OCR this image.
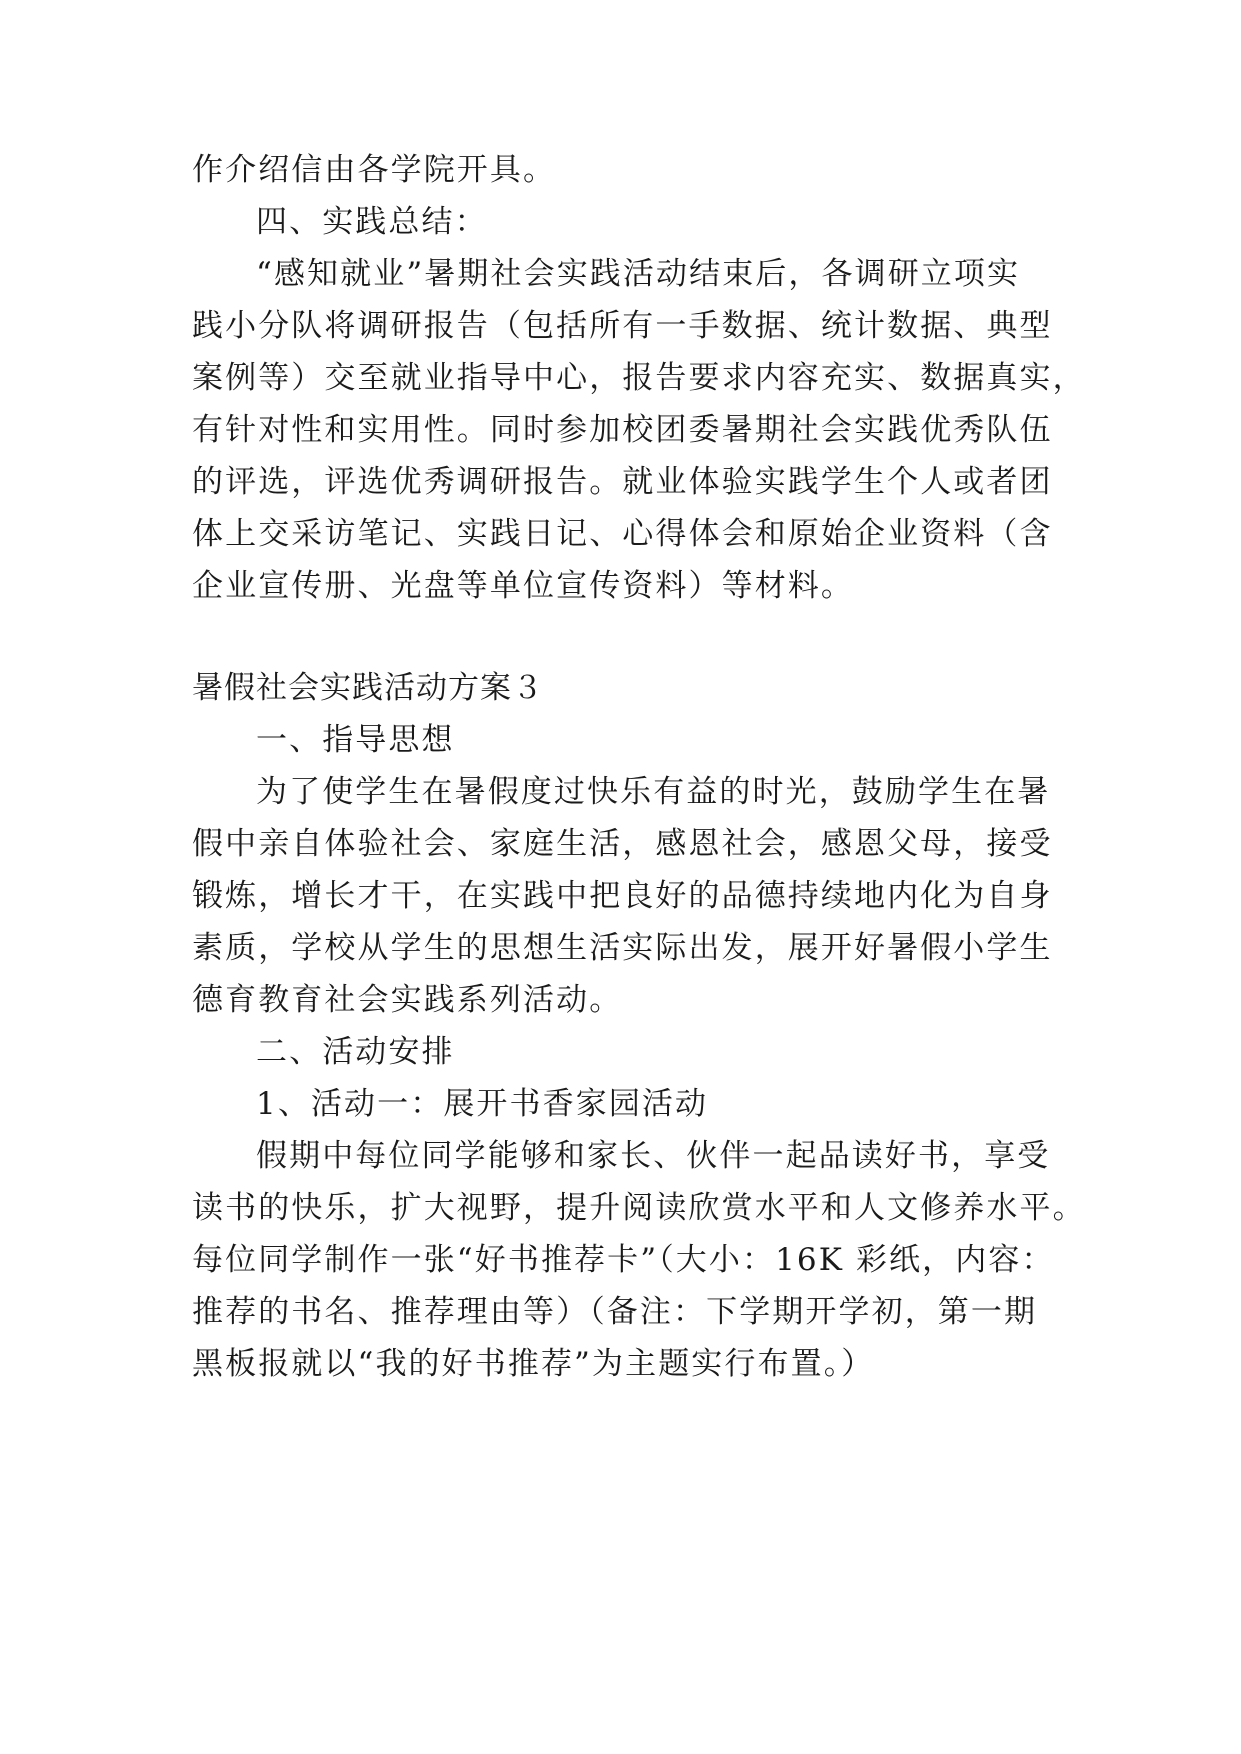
作介绍信由各学院开具。
四、实践总结：
“感知就业”暑期社会实践活动结束后，各调研立项实
践小分队将调研报告（包括所有一手数据、统计数据、典型
案例等）交至就业指导中心，报告要求内容充实、数据真实，
有针对性和实用性。同时参加校团委暑期社会实践优秀队伍
的评选，评选优秀调研报告。就业体验实践学生个人或者团
体上交采访笔记、实践日记、心得体会和原始企业资料（含
企业宣传册、光盘等单位宣传资料）等材料。
暑假社会实践活动方案３
一、指导思想
为了使学生在暑假度过快乐有益的时光，鼓励学生在暑
假中亲自体验社会、家庭生活，感恩社会，感恩父母，接受
锻炼，增长才干，在实践中把良好的品德持续地内化为自身
素质，学校从学生的思想生活实际出发，展开好暑假小学生
德育教育社会实践系列活动。
二、活动安排
1、活动一：展开书香家园活动
假期中每位同学能够和家长、伙伴一起品读好书，享受
读书的快乐，扩大视野，提升阅读欣赏水平和人文修养水平。
每位同学制作一张“好书推荐卡”（大小：16K 彩纸，内容：
推荐的书名、推荐理由等）（备注：下学期开学初，第一期
黑板报就以“我的好书推荐”为主题实行布置。）
